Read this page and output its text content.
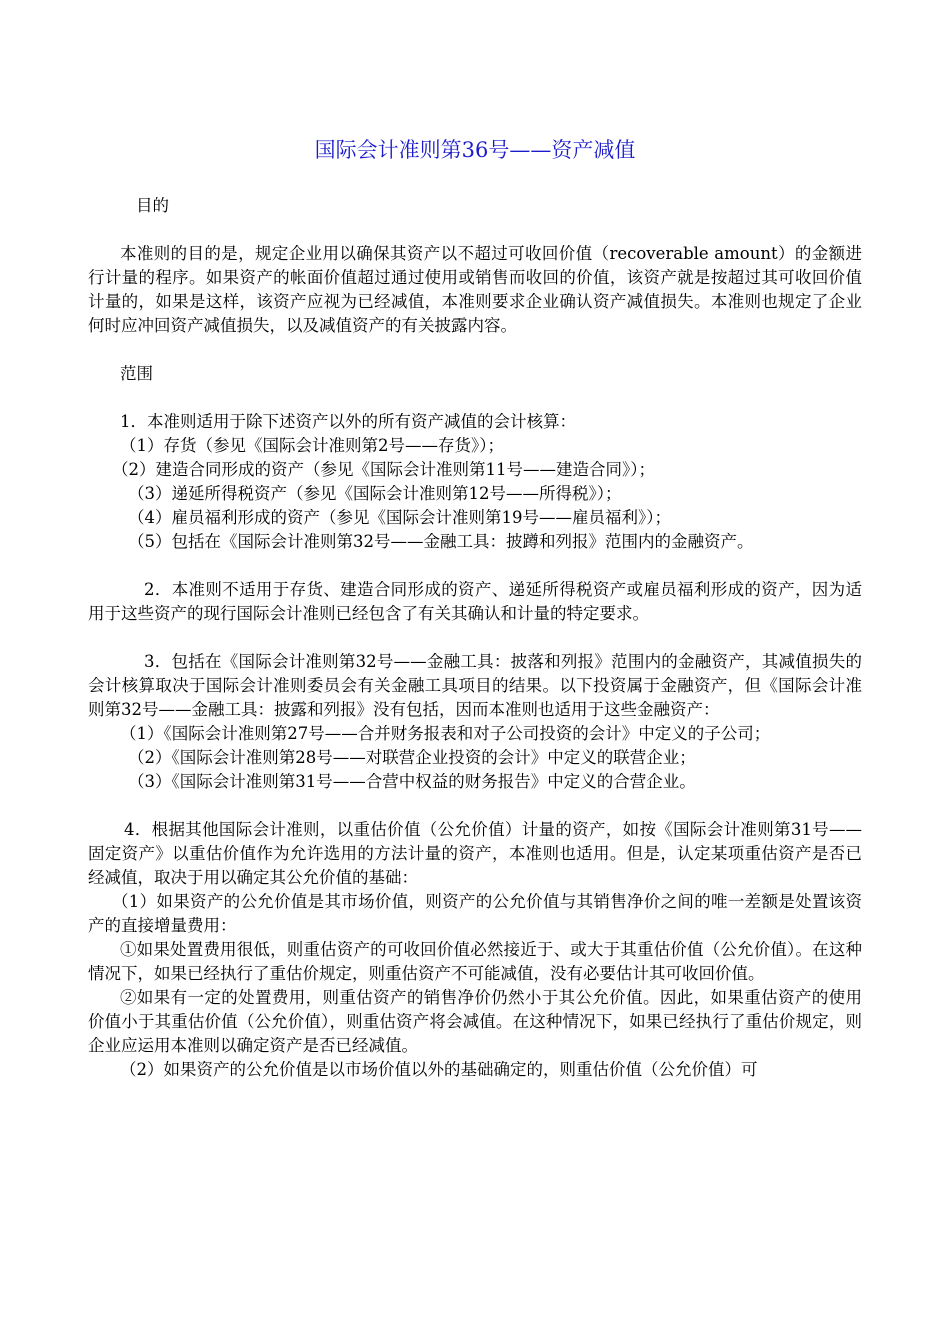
国际会计准则第36号——资产减值

目的

本准则的目的是，规定企业用以确保其资产以不超过可收回价值（recoverable amount）的金额进行计量的程序。如果资产的帐面价值超过通过使用或销售而收回的价值，该资产就是按超过其可收回价值计量的，如果是这样，该资产应视为已经减值，本准则要求企业确认资产减值损失。本准则也规定了企业何时应冲回资产减值损失，以及减值资产的有关披露内容。

范围

1．本准则适用于除下述资产以外的所有资产减值的会计核算：

（1）存货（参见《国际会计准则第2号——存货》）；

（2）建造合同形成的资产（参见《国际会计准则第11号——建造合同》）；

（3）递延所得税资产（参见《国际会计准则第12号——所得税》）；

（4）雇员福利形成的资产（参见《国际会计准则第19号——雇员福利》）；

（5）包括在《国际会计准则第32号——金融工具：披蹲和列报》范围内的金融资产。

2．本准则不适用于存货、建造合同形成的资产、递延所得税资产或雇员福利形成的资产，因为适用于这些资产的现行国际会计准则已经包含了有关其确认和计量的特定要求。

3．包括在《国际会计准则第32号——金融工具：披落和列报》范围内的金融资产，其减值损失的会计核算取决于国际会计准则委员会有关金融工具项目的结果。以下投资属于金融资产，但《国际会计准则第32号——金融工具：披露和列报》没有包括，因而本准则也适用于这些金融资产：

（1）《国际会计准则第27号——合并财务报表和对子公司投资的会计》中定义的子公司；

（2）《国际会计准则第28号——对联营企业投资的会计》中定义的联营企业；

（3）《国际会计准则第31号——合营中权益的财务报告》中定义的合营企业。

4．根据其他国际会计准则，以重估价值（公允价值）计量的资产，如按《国际会计准则第31号——固定资产》以重估价值作为允许选用的方法计量的资产，本准则也适用。但是，认定某项重估资产是否已经减值，取决于用以确定其公允价值的基础：

（1）如果资产的公允价值是其市场价值，则资产的公允价值与其销售净价之间的唯一差额是处置该资产的直接增量费用：

①如果处置费用很低，则重估资产的可收回价值必然接近于、或大于其重估价值（公允价值）。在这种情况下，如果已经执行了重估价规定，则重估资产不可能减值，没有必要估计其可收回价值。

②如果有一定的处置费用，则重估资产的销售净价仍然小于其公允价值。因此，如果重估资产的使用价值小于其重估价值（公允价值），则重估资产将会减值。在这种情况下，如果已经执行了重估价规定，则企业应运用本准则以确定资产是否已经减值。

（2）如果资产的公允价值是以市场价值以外的基础确定的，则重估价值（公允价值）可
